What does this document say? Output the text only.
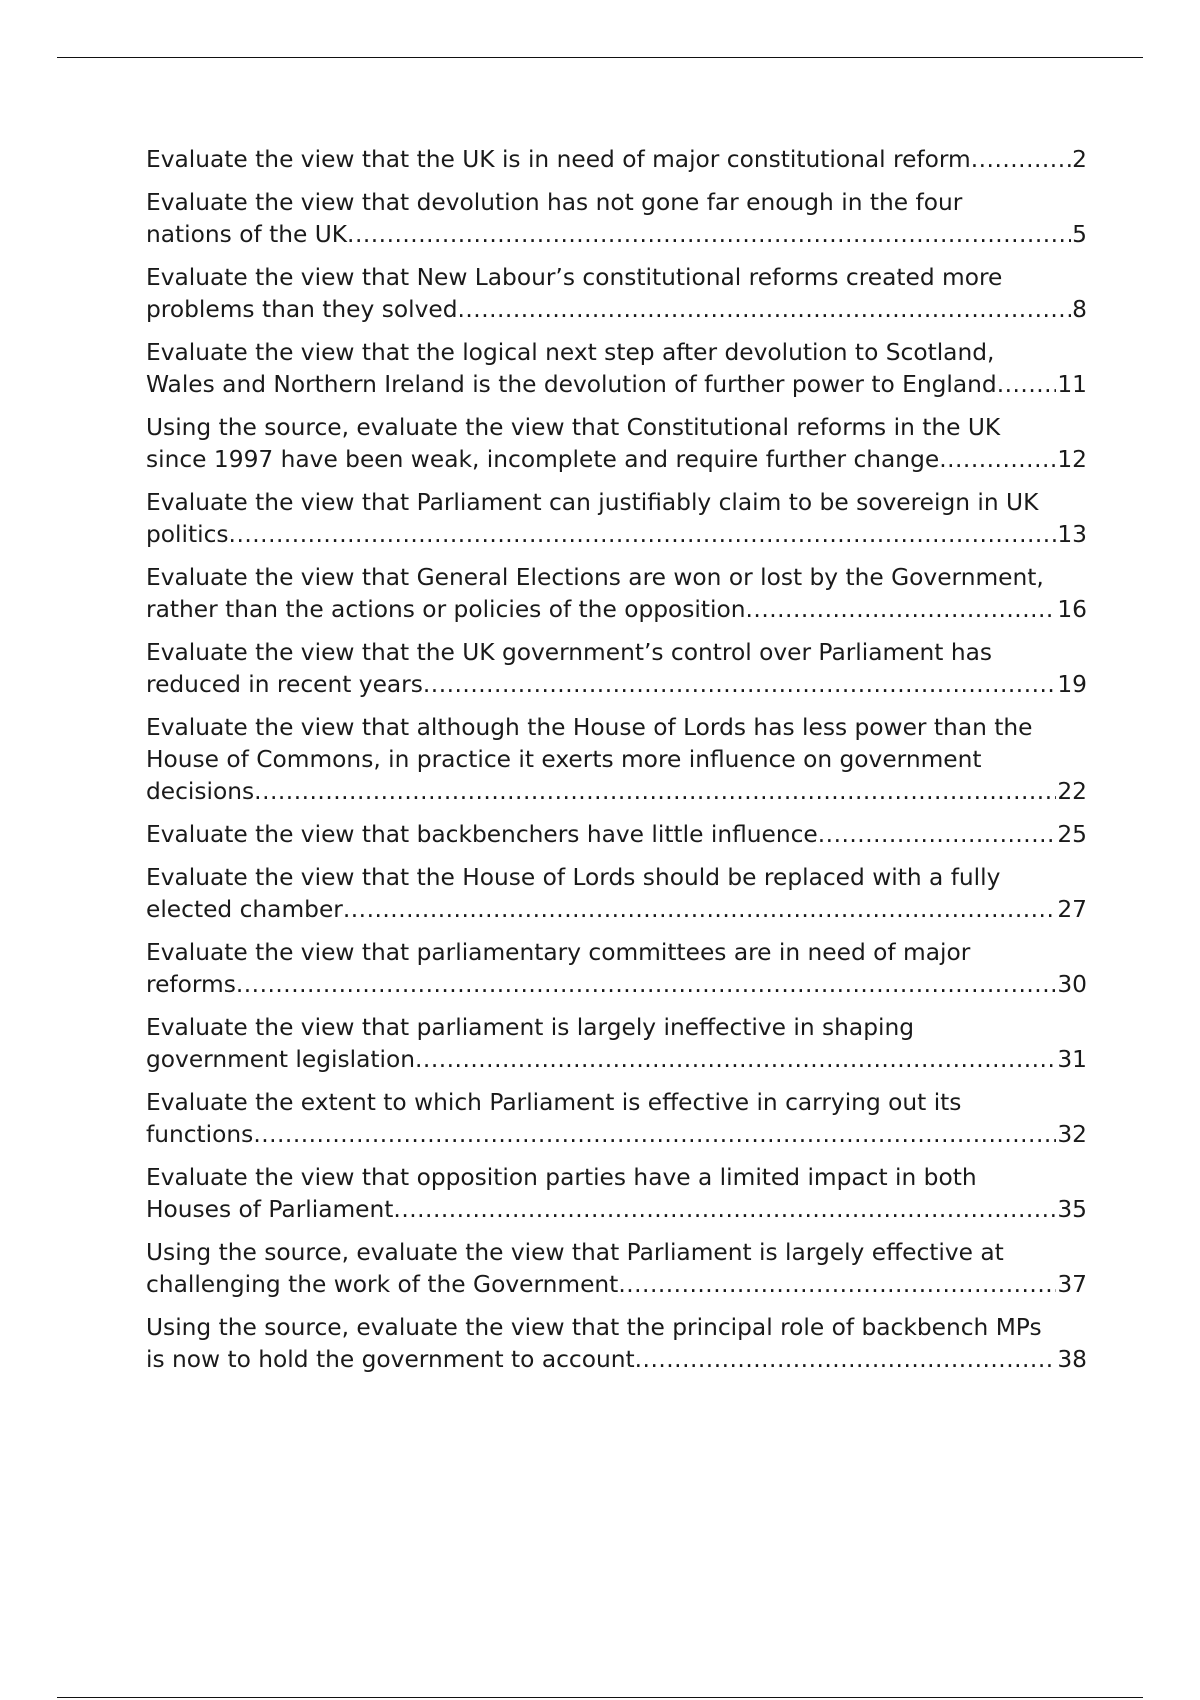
Evaluate the view that the UK is in need of major constitutional reform .....	2
Evaluate the view that devolution has not gone far enough in the four
nations of the UK .....	5
Evaluate the view that New Labour’s constitutional reforms created more
problems than they solved .....	8
Evaluate the view that the logical next step after devolution to Scotland,
Wales and Northern Ireland is the devolution of further power to England .....	11
Using the source, evaluate the view that Constitutional reforms in the UK
since 1997 have been weak, incomplete and require further change .....	12
Evaluate the view that Parliament can justifiably claim to be sovereign in UK
politics .....	13
Evaluate the view that General Elections are won or lost by the Government,
rather than the actions or policies of the opposition .....	16
Evaluate the view that the UK government’s control over Parliament has
reduced in recent years .....	19
Evaluate the view that although the House of Lords has less power than the
House of Commons, in practice it exerts more influence on government
decisions .....	22
Evaluate the view that backbenchers have little influence .....	25
Evaluate the view that the House of Lords should be replaced with a fully
elected chamber .....	27
Evaluate the view that parliamentary committees are in need of major
reforms .....	30
Evaluate the view that parliament is largely ineffective in shaping
government legislation .....	31
Evaluate the extent to which Parliament is effective in carrying out its
functions .....	32
Evaluate the view that opposition parties have a limited impact in both
Houses of Parliament .....	35
Using the source, evaluate the view that Parliament is largely effective at
challenging the work of the Government .....	37
Using the source, evaluate the view that the principal role of backbench MPs
is now to hold the government to account .....	38
